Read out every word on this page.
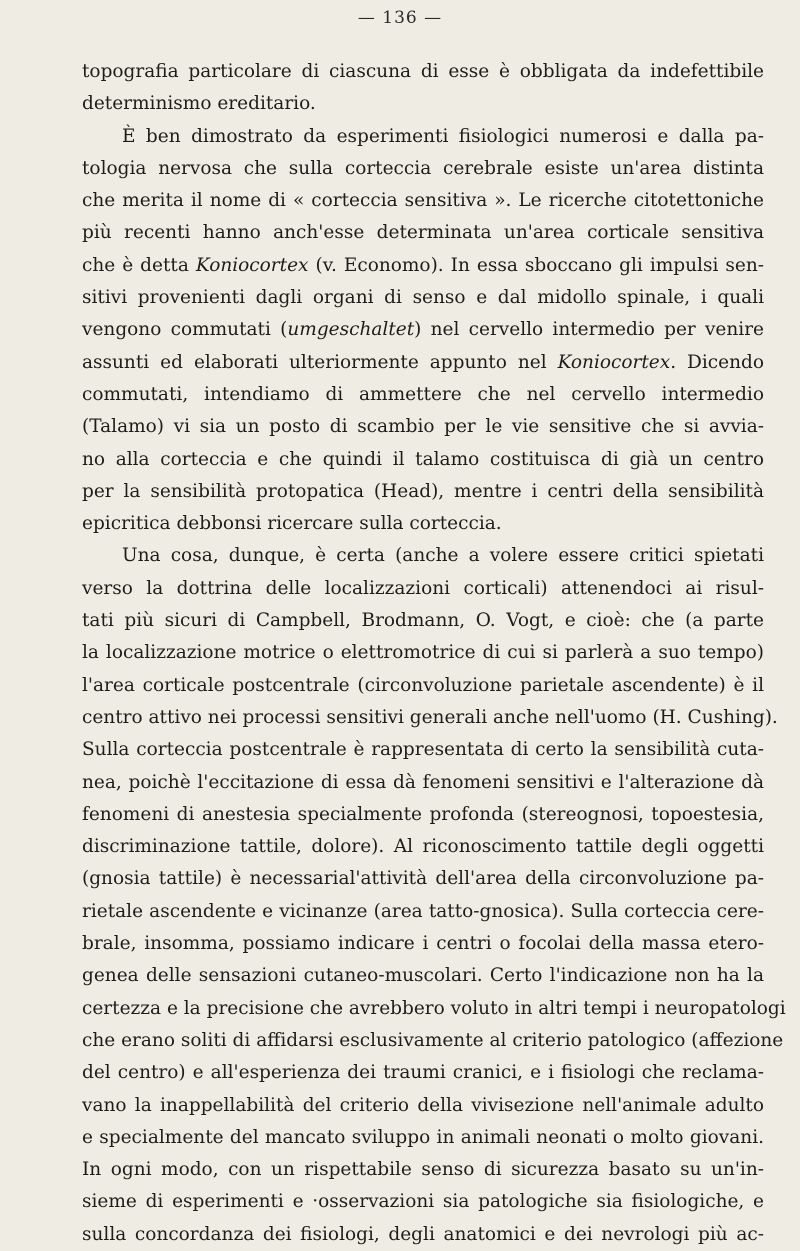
— 136 —
topografia particolare di ciascuna di esse è obbligata da indefettibile
determinismo ereditario.
È ben dimostrato da esperimenti fisiologici numerosi e dalla pa-
tologia nervosa che sulla corteccia cerebrale esiste un'area distinta
che merita il nome di « corteccia sensitiva ». Le ricerche citotettoniche
più recenti hanno anch'esse determinata un'area corticale sensitiva
che è detta Koniocortex (v. Economo). In essa sboccano gli impulsi sen-
sitivi provenienti dagli organi di senso e dal midollo spinale, i quali
vengono commutati (umgeschaltet) nel cervello intermedio per venire
assunti ed elaborati ulteriormente appunto nel Koniocortex. Dicendo
commutati, intendiamo di ammettere che nel cervello intermedio
(Talamo) vi sia un posto di scambio per le vie sensitive che si avvia-
no alla corteccia e che quindi il talamo costituisca di già un centro
per la sensibilità protopatica (Head), mentre i centri della sensibilità
epicritica debbonsi ricercare sulla corteccia.
Una cosa, dunque, è certa (anche a volere essere critici spietati
verso la dottrina delle localizzazioni corticali) attenendoci ai risul-
tati più sicuri di Campbell, Brodmann, O. Vogt, e cioè: che (a parte
la localizzazione motrice o elettromotrice di cui si parlerà a suo tempo)
l'area corticale postcentrale (circonvoluzione parietale ascendente) è il
centro attivo nei processi sensitivi generali anche nell'uomo (H. Cushing).
Sulla corteccia postcentrale è rappresentata di certo la sensibilità cuta-
nea, poichè l'eccitazione di essa dà fenomeni sensitivi e l'alterazione dà
fenomeni di anestesia specialmente profonda (stereognosi, topoestesia,
discriminazione tattile, dolore). Al riconoscimento tattile degli oggetti
(gnosia tattile) è necessarial'attività dell'area della circonvoluzione pa-
rietale ascendente e vicinanze (area tatto-gnosica). Sulla corteccia cere-
brale, insomma, possiamo indicare i centri o focolai della massa etero-
genea delle sensazioni cutaneo-muscolari. Certo l'indicazione non ha la
certezza e la precisione che avrebbero voluto in altri tempi i neuropatologi
che erano soliti di affidarsi esclusivamente al criterio patologico (affezione
del centro) e all'esperienza dei traumi cranici, e i fisiologi che reclama-
vano la inappellabilità del criterio della vivisezione nell'animale adulto
e specialmente del mancato sviluppo in animali neonati o molto giovani.
In ogni modo, con un rispettabile senso di sicurezza basato su un'in-
sieme di esperimenti e ·osservazioni sia patologiche sia fisiologiche, e
sulla concordanza dei fisiologi, degli anatomici e dei nevrologi più ac-
